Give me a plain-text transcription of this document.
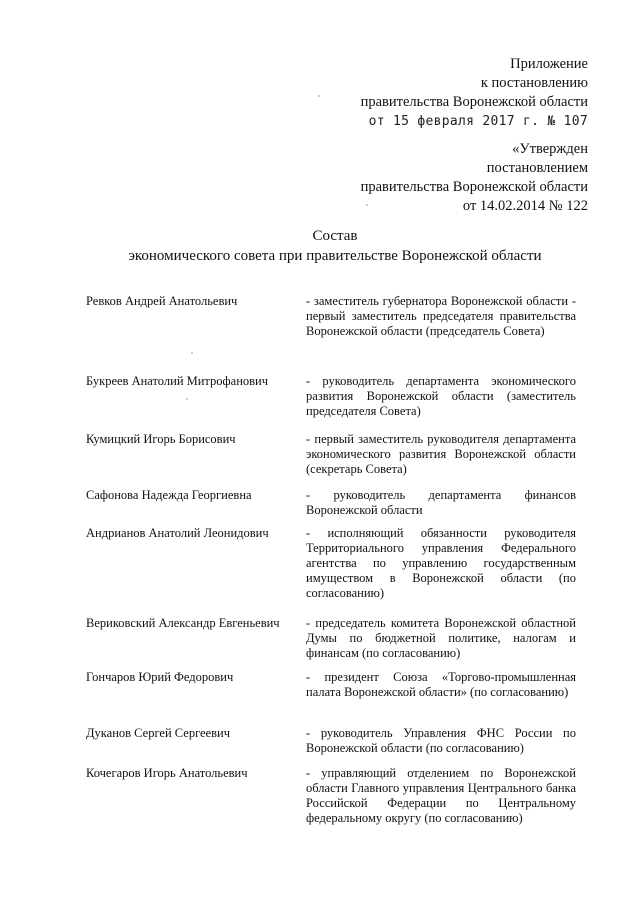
Приложение
к постановлению
правительства Воронежской области
от 15 февраля 2017 г. № 107
«Утвержден
постановлением
правительства Воронежской области
от 14.02.2014 № 122
Состав
экономического совета при правительстве Воронежской области
Ревков Андрей Анатольевич	- заместитель губернатора Воронежской области - первый заместитель председателя правительства Воронежской области (председатель Совета)
Букреев Анатолий Митрофанович	- руководитель департамента экономического развития Воронежской области (заместитель председателя Совета)
Кумицкий Игорь Борисович	- первый заместитель руководителя департамента экономического развития Воронежской области (секретарь Совета)
Сафонова Надежда Георгиевна	- руководитель департамента финансов Воронежской области
Андрианов Анатолий Леонидович	- исполняющий обязанности руководителя Территориального управления Федерального агентства по управлению государственным имуществом в Воронежской области (по согласованию)
Вериковский Александр Евгеньевич	- председатель комитета Воронежской областной Думы по бюджетной политике, налогам и финансам (по согласованию)
Гончаров Юрий Федорович	- президент Союза «Торгово-промышленная палата Воронежской области» (по согласованию)
Дуканов Сергей Сергеевич	- руководитель Управления ФНС России по Воронежской области (по согласованию)
Кочегаров Игорь Анатольевич	- управляющий отделением по Воронежской области Главного управления Центрального банка Российской Федерации по Центральному федеральному округу (по согласованию)
